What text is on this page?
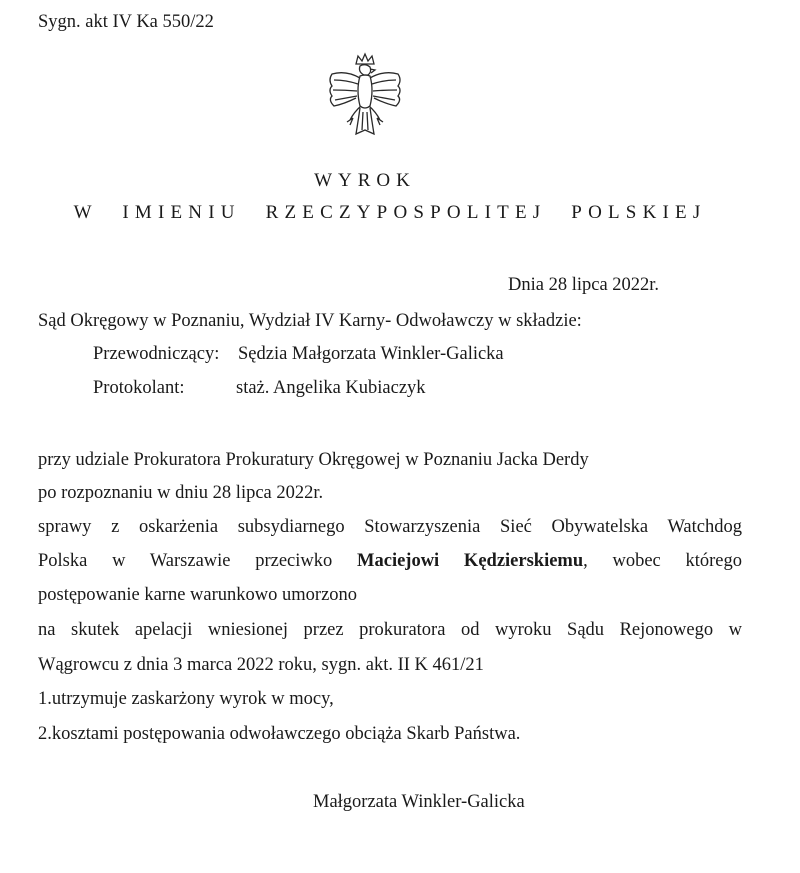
Sygn. akt IV Ka 550/22
WYROK
W IMIENIU RZECZYPOSPOLITEJ POLSKIEJ
Dnia 28 lipca 2022r.
Sąd Okręgowy w Poznaniu, Wydział IV Karny- Odwoławczy w składzie:
Przewodniczący: Sędzia Małgorzata Winkler-Galicka
Protokolant:	staż. Angelika Kubiaczyk
przy udziale Prokuratora Prokuratury Okręgowej w Poznaniu Jacka Derdy
po rozpoznaniu w dniu 28 lipca 2022r.
sprawy z oskarżenia subsydiarnego Stowarzyszenia Sieć Obywatelska Watchdog
Polska w Warszawie przeciwko Maciejowi Kędzierskiemu, wobec którego
postępowanie karne warunkowo umorzono
na skutek apelacji wniesionej przez prokuratora od wyroku Sądu Rejonowego w
Wągrowcu z dnia 3 marca 2022 roku, sygn. akt. II K 461/21
1.utrzymuje zaskarżony wyrok w mocy,
2.kosztami postępowania odwoławczego obciąża Skarb Państwa.
Małgorzata Winkler-Galicka
